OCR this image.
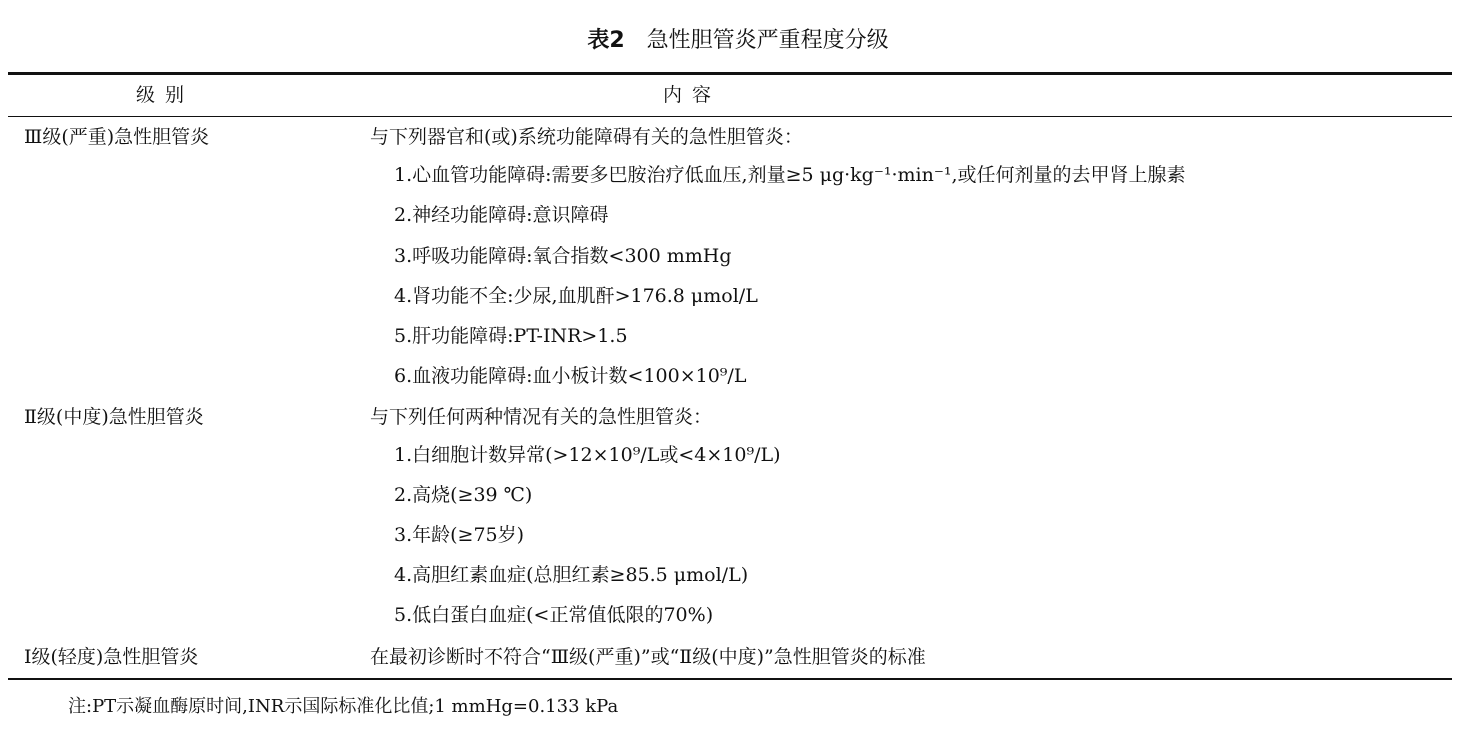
表2 急性胆管炎严重程度分级
级别	内容
Ⅲ级(严重)急性胆管炎	与下列器官和(或)系统功能障碍有关的急性胆管炎：
1.心血管功能障碍:需要多巴胺治疗低血压,剂量≥5 μg·kg⁻¹·min⁻¹,或任何剂量的去甲肾上腺素
2.神经功能障碍:意识障碍
3.呼吸功能障碍:氧合指数<300 mmHg
4.肾功能不全:少尿,血肌酐>176.8 μmol/L
5.肝功能障碍:PT-INR>1.5
6.血液功能障碍:血小板计数<100×10⁹/L
Ⅱ级(中度)急性胆管炎	与下列任何两种情况有关的急性胆管炎：
1.白细胞计数异常(>12×10⁹/L或<4×10⁹/L)
2.高烧(≥39 ℃)
3.年龄(≥75岁)
4.高胆红素血症(总胆红素≥85.5 μmol/L)
5.低白蛋白血症(<正常值低限的70%)
Ⅰ级(轻度)急性胆管炎	在最初诊断时不符合“Ⅲ级(严重)”或“Ⅱ级(中度)”急性胆管炎的标准
注:PT示凝血酶原时间,INR示国际标准化比值;1 mmHg=0.133 kPa
